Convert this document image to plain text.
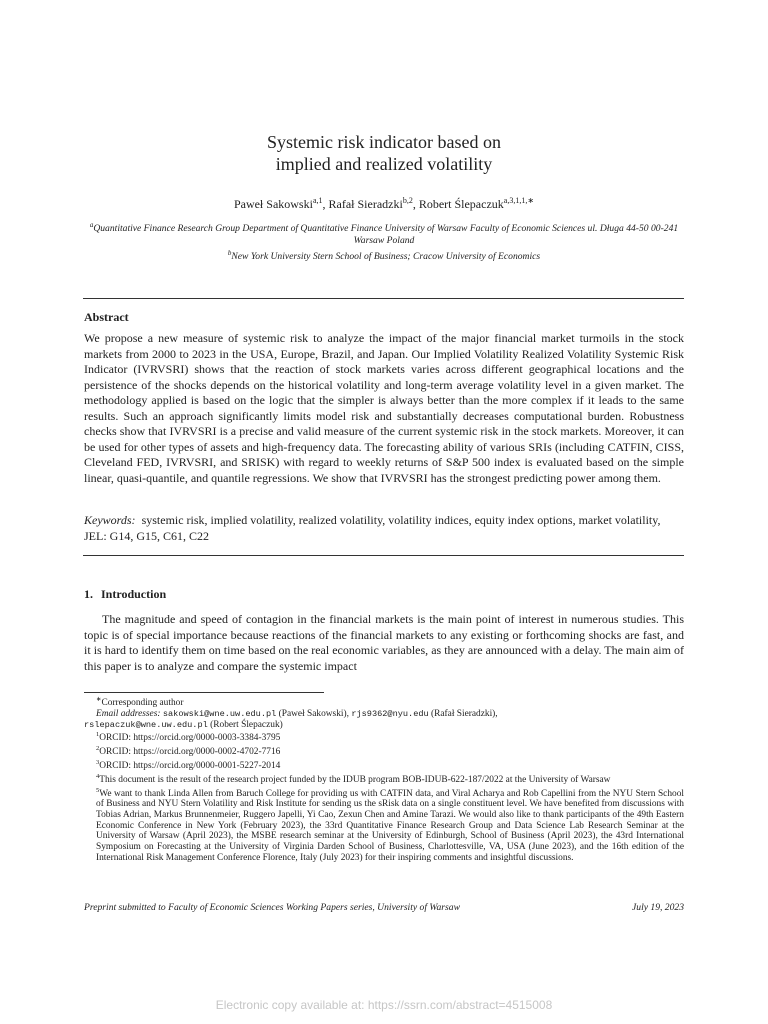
Systemic risk indicator based on
implied and realized volatility
Paweł Sakowski$^{a,1}$, Rafał Sieradzki$^{b,2}$, Robert Ślepaczuk$^{a,3,1,1,∗}$
$^a$Quantitative Finance Research Group Department of Quantitative Finance University of Warsaw Faculty of Economic Sciences ul. Długa 44-50 00-241 Warsaw Poland
$^b$New York University Stern School of Business; Cracow University of Economics
Abstract
We propose a new measure of systemic risk to analyze the impact of the major financial market turmoils in the stock markets from 2000 to 2023 in the USA, Europe, Brazil, and Japan. Our Implied Volatility Realized Volatility Systemic Risk Indicator (IVRVSRI) shows that the reaction of stock markets varies across different geographical locations and the persistence of the shocks depends on the historical volatility and long-term average volatility level in a given market. The methodology applied is based on the logic that the simpler is always better than the more complex if it leads to the same results. Such an approach significantly limits model risk and substantially decreases computational burden. Robustness checks show that IVRVSRI is a precise and valid measure of the current systemic risk in the stock markets. Moreover, it can be used for other types of assets and high-frequency data. The forecasting ability of various SRIs (including CATFIN, CISS, Cleveland FED, IVRVSRI, and SRISK) with regard to weekly returns of S&P 500 index is evaluated based on the simple linear, quasi-quantile, and quantile regressions. We show that IVRVSRI has the strongest predicting power among them.
Keywords: systemic risk, implied volatility, realized volatility, volatility indices, equity index options, market volatility, JEL: G14, G15, C61, C22
1. Introduction
The magnitude and speed of contagion in the financial markets is the main point of interest in numerous studies. This topic is of special importance because reactions of the financial markets to any existing or forthcoming shocks are fast, and it is hard to identify them on time based on the real economic variables, as they are announced with a delay. The main aim of this paper is to analyze and compare the systemic impact

∗Corresponding author

Email addresses: sakowski@wne.uw.edu.pl (Paweł Sakowski), rjs9362@nyu.edu (Rafał Sieradzki),

rslepaczuk@wne.uw.edu.pl (Robert Ślepaczuk)

$^1$ORCID: https://orcid.org/0000-0003-3384-3795

$^2$ORCID: https://orcid.org/0000-0002-4702-7716

$^3$ORCID: https://orcid.org/0000-0001-5227-2014

$^4$This document is the result of the research project funded by the IDUB program BOB-IDUB-622-187/2022 at the University of Warsaw

$^5$We want to thank Linda Allen from Baruch College for providing us with CATFIN data, and Viral Acharya and Rob Capellini from the NYU Stern School of Business and NYU Stern Volatility and Risk Institute for sending us the sRisk data on a single constituent level. We have benefited from discussions with Tobias Adrian, Markus Brunnenmeier, Ruggero Japelli, Yi Cao, Zexun Chen and Amine Tarazi. We would also like to thank participants of the 49th Eastern Economic Conference in New York (February 2023), the 33rd Quantitative Finance Research Group and Data Science Lab Research Seminar at the University of Warsaw (April 2023), the MSBE research seminar at the University of Edinburgh, School of Business (April 2023), the 43rd International Symposium on Forecasting at the University of Virginia Darden School of Business, Charlottesville, VA, USA (June 2023), and the 16th edition of the International Risk Management Conference Florence, Italy (July 2023) for their inspiring comments and insightful discussions.

Preprint submitted to Faculty of Economic Sciences Working Papers series, University of Warsaw	July 19, 2023
Electronic copy available at: https://ssrn.com/abstract=4515008
